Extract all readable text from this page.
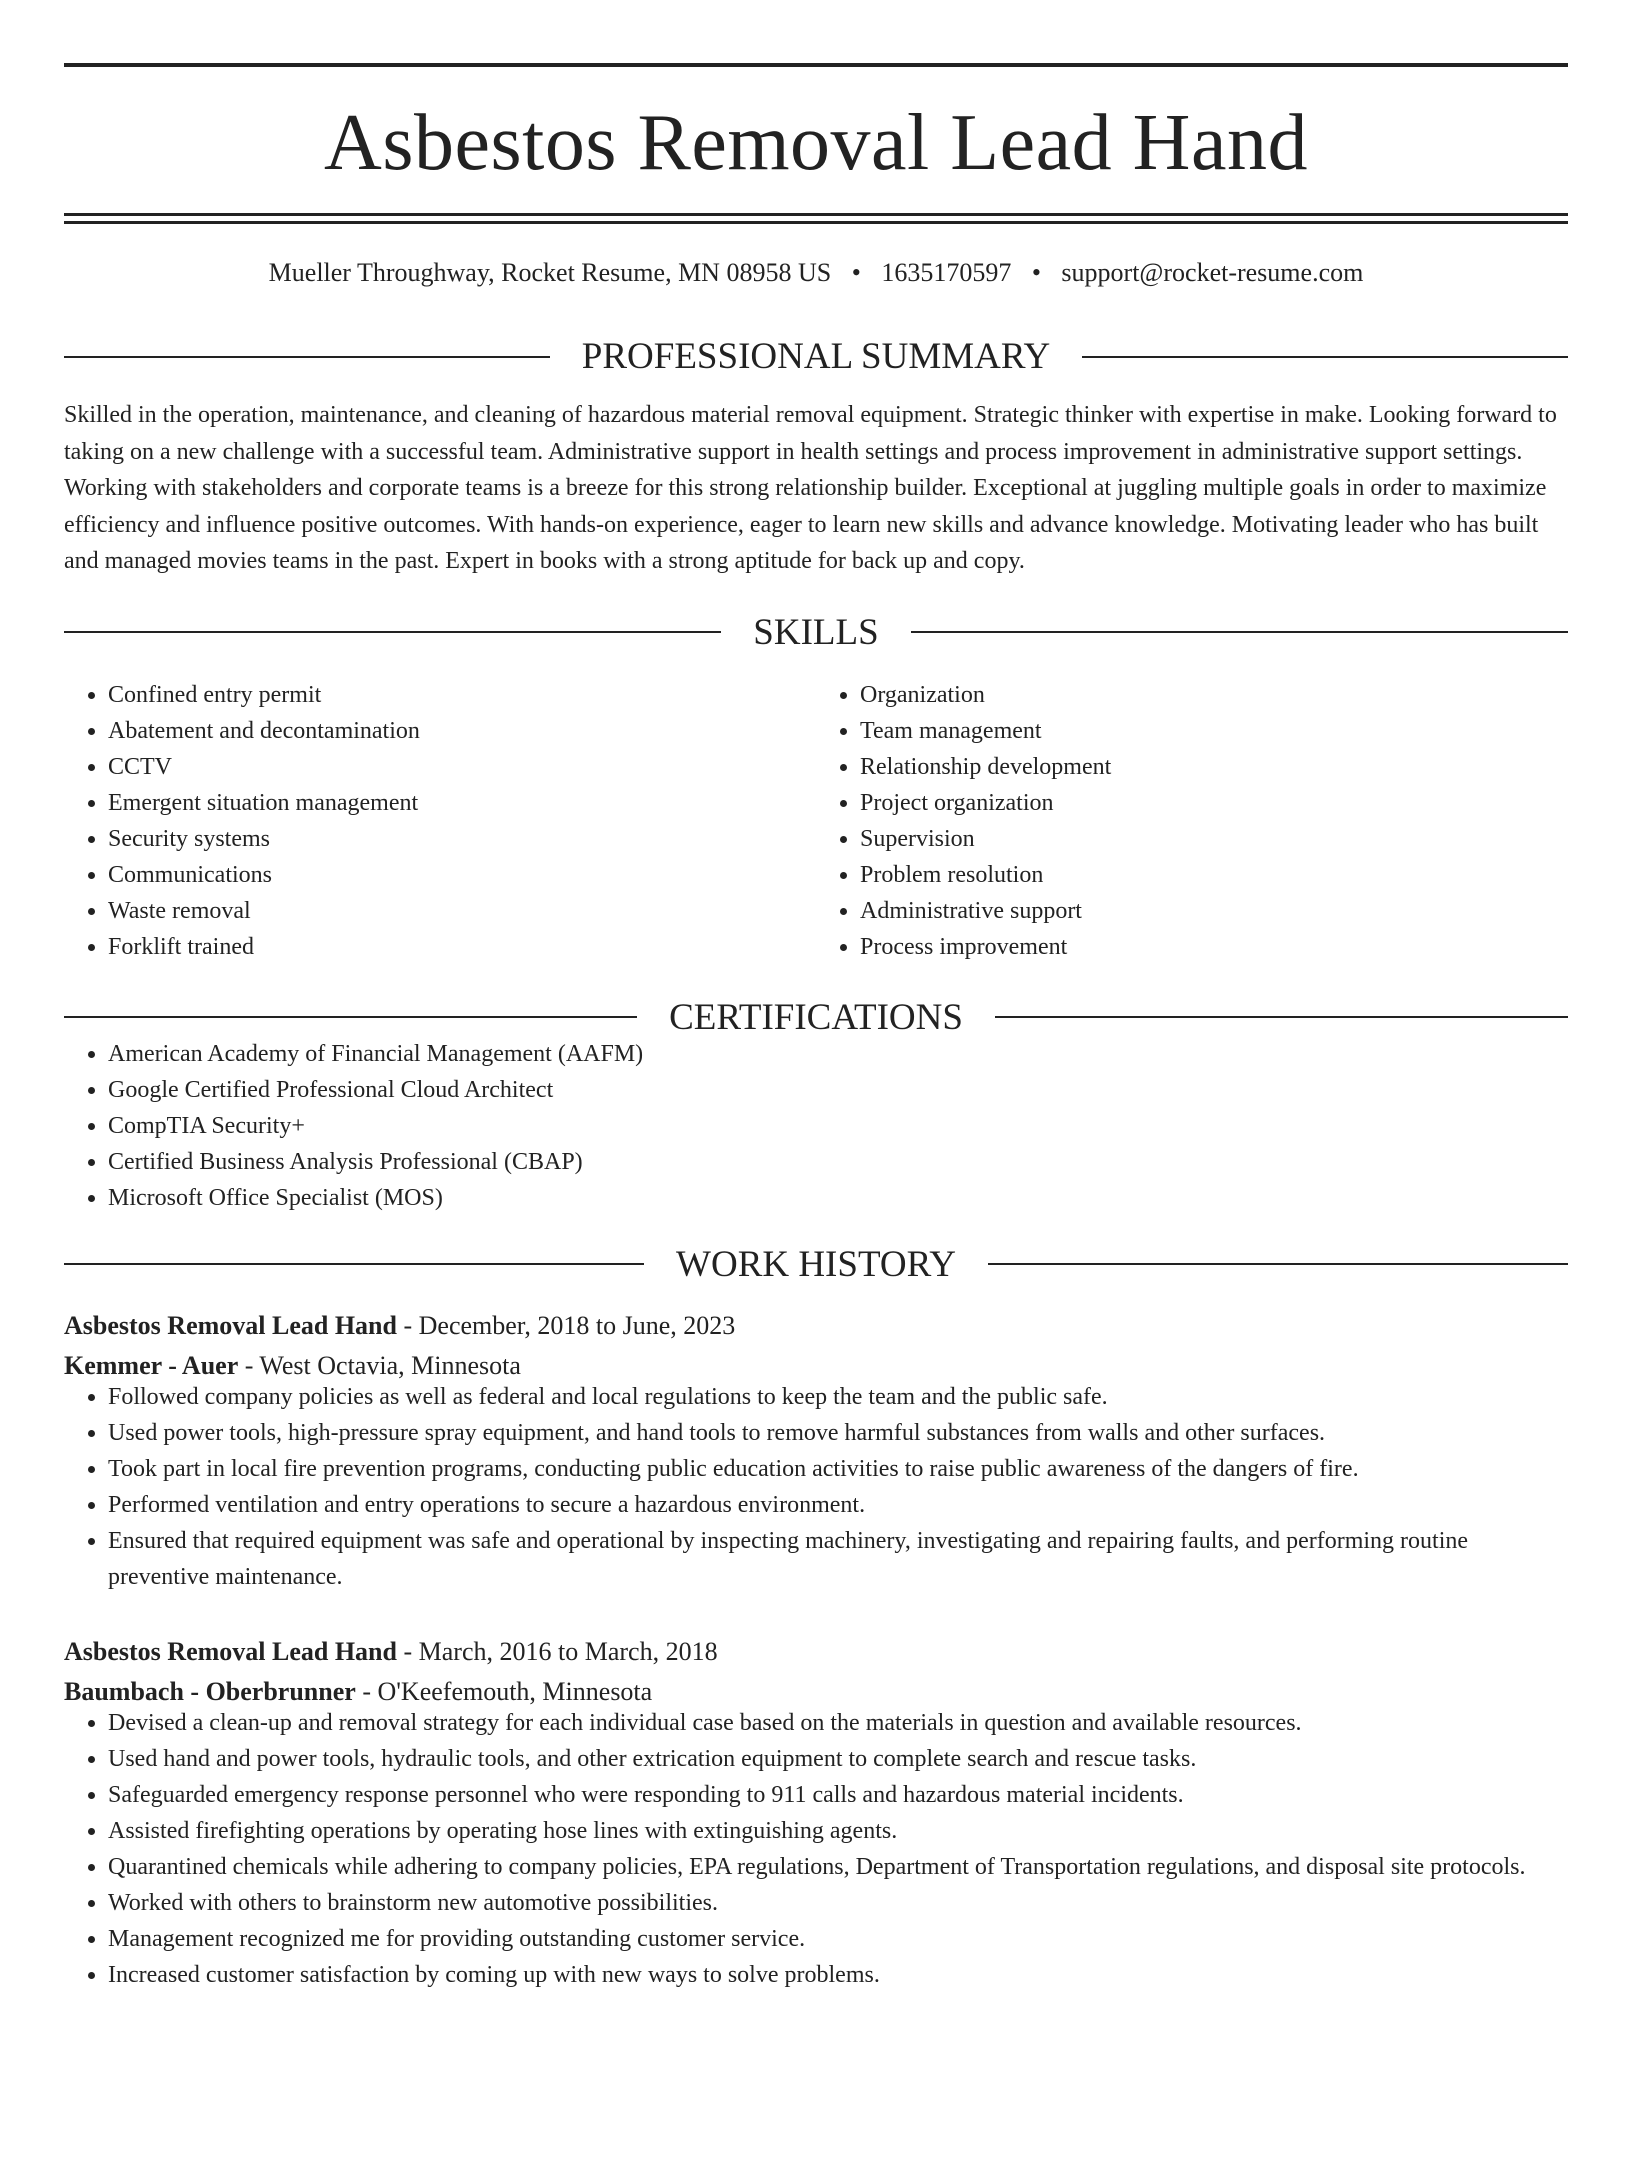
Asbestos Removal Lead Hand
Mueller Throughway, Rocket Resume, MN 08958 US • 1635170597 • support@rocket-resume.com
PROFESSIONAL SUMMARY
Skilled in the operation, maintenance, and cleaning of hazardous material removal equipment. Strategic thinker with expertise in make. Looking forward to taking on a new challenge with a successful team. Administrative support in health settings and process improvement in administrative support settings. Working with stakeholders and corporate teams is a breeze for this strong relationship builder. Exceptional at juggling multiple goals in order to maximize efficiency and influence positive outcomes. With hands-on experience, eager to learn new skills and advance knowledge. Motivating leader who has built and managed movies teams in the past. Expert in books with a strong aptitude for back up and copy.
SKILLS
• Confined entry permit
• Abatement and decontamination
• CCTV
• Emergent situation management
• Security systems
• Communications
• Waste removal
• Forklift trained
• Organization
• Team management
• Relationship development
• Project organization
• Supervision
• Problem resolution
• Administrative support
• Process improvement
CERTIFICATIONS
• American Academy of Financial Management (AAFM)
• Google Certified Professional Cloud Architect
• CompTIA Security+
• Certified Business Analysis Professional (CBAP)
• Microsoft Office Specialist (MOS)
WORK HISTORY
Asbestos Removal Lead Hand - December, 2018 to June, 2023
Kemmer - Auer - West Octavia, Minnesota
• Followed company policies as well as federal and local regulations to keep the team and the public safe.
• Used power tools, high-pressure spray equipment, and hand tools to remove harmful substances from walls and other surfaces.
• Took part in local fire prevention programs, conducting public education activities to raise public awareness of the dangers of fire.
• Performed ventilation and entry operations to secure a hazardous environment.
• Ensured that required equipment was safe and operational by inspecting machinery, investigating and repairing faults, and performing routine preventive maintenance.
Asbestos Removal Lead Hand - March, 2016 to March, 2018
Baumbach - Oberbrunner - O'Keefemouth, Minnesota
• Devised a clean-up and removal strategy for each individual case based on the materials in question and available resources.
• Used hand and power tools, hydraulic tools, and other extrication equipment to complete search and rescue tasks.
• Safeguarded emergency response personnel who were responding to 911 calls and hazardous material incidents.
• Assisted firefighting operations by operating hose lines with extinguishing agents.
• Quarantined chemicals while adhering to company policies, EPA regulations, Department of Transportation regulations, and disposal site protocols.
• Worked with others to brainstorm new automotive possibilities.
• Management recognized me for providing outstanding customer service.
• Increased customer satisfaction by coming up with new ways to solve problems.
